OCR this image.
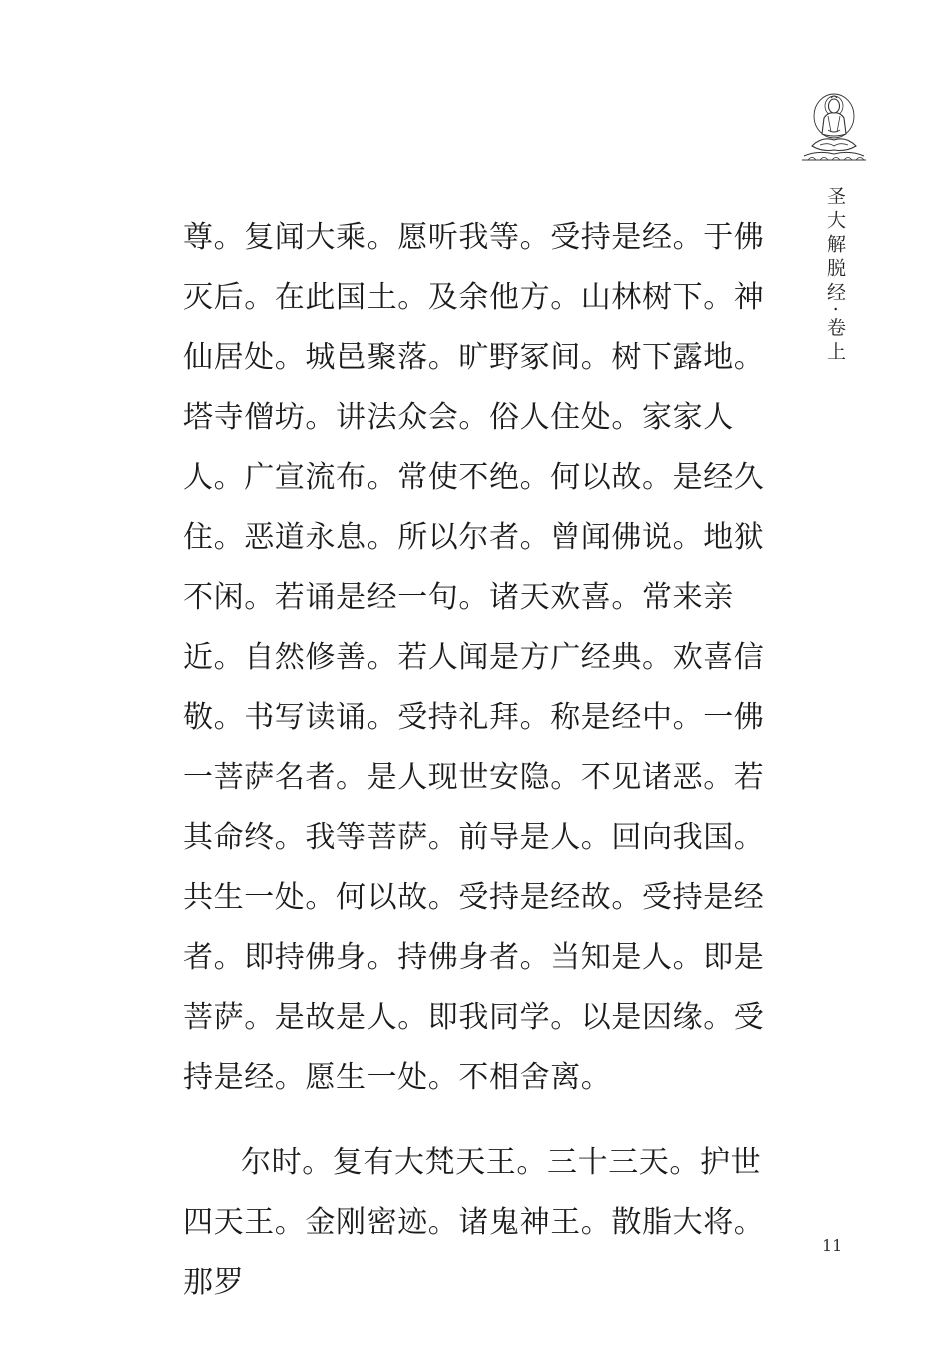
圣大解脱经·卷上

尊。复闻大乘。愿听我等。受持是经。于佛灭后。在此国土。及余他方。山林树下。神仙居处。城邑聚落。旷野冢间。树下露地。塔寺僧坊。讲法众会。俗人住处。家家人人。广宣流布。常使不绝。何以故。是经久住。恶道永息。所以尔者。曾闻佛说。地狱不闲。若诵是经一句。诸天欢喜。常来亲近。自然修善。若人闻是方广经典。欢喜信敬。书写读诵。受持礼拜。称是经中。一佛一菩萨名者。是人现世安隐。不见诸恶。若其命终。我等菩萨。前导是人。回向我国。共生一处。何以故。受持是经故。受持是经者。即持佛身。持佛身者。当知是人。即是菩萨。是故是人。即我同学。以是因缘。受持是经。愿生一处。不相舍离。

尔时。复有大梵天王。三十三天。护世四天王。金刚密迹。诸鬼神王。散脂大将。那罗

11
